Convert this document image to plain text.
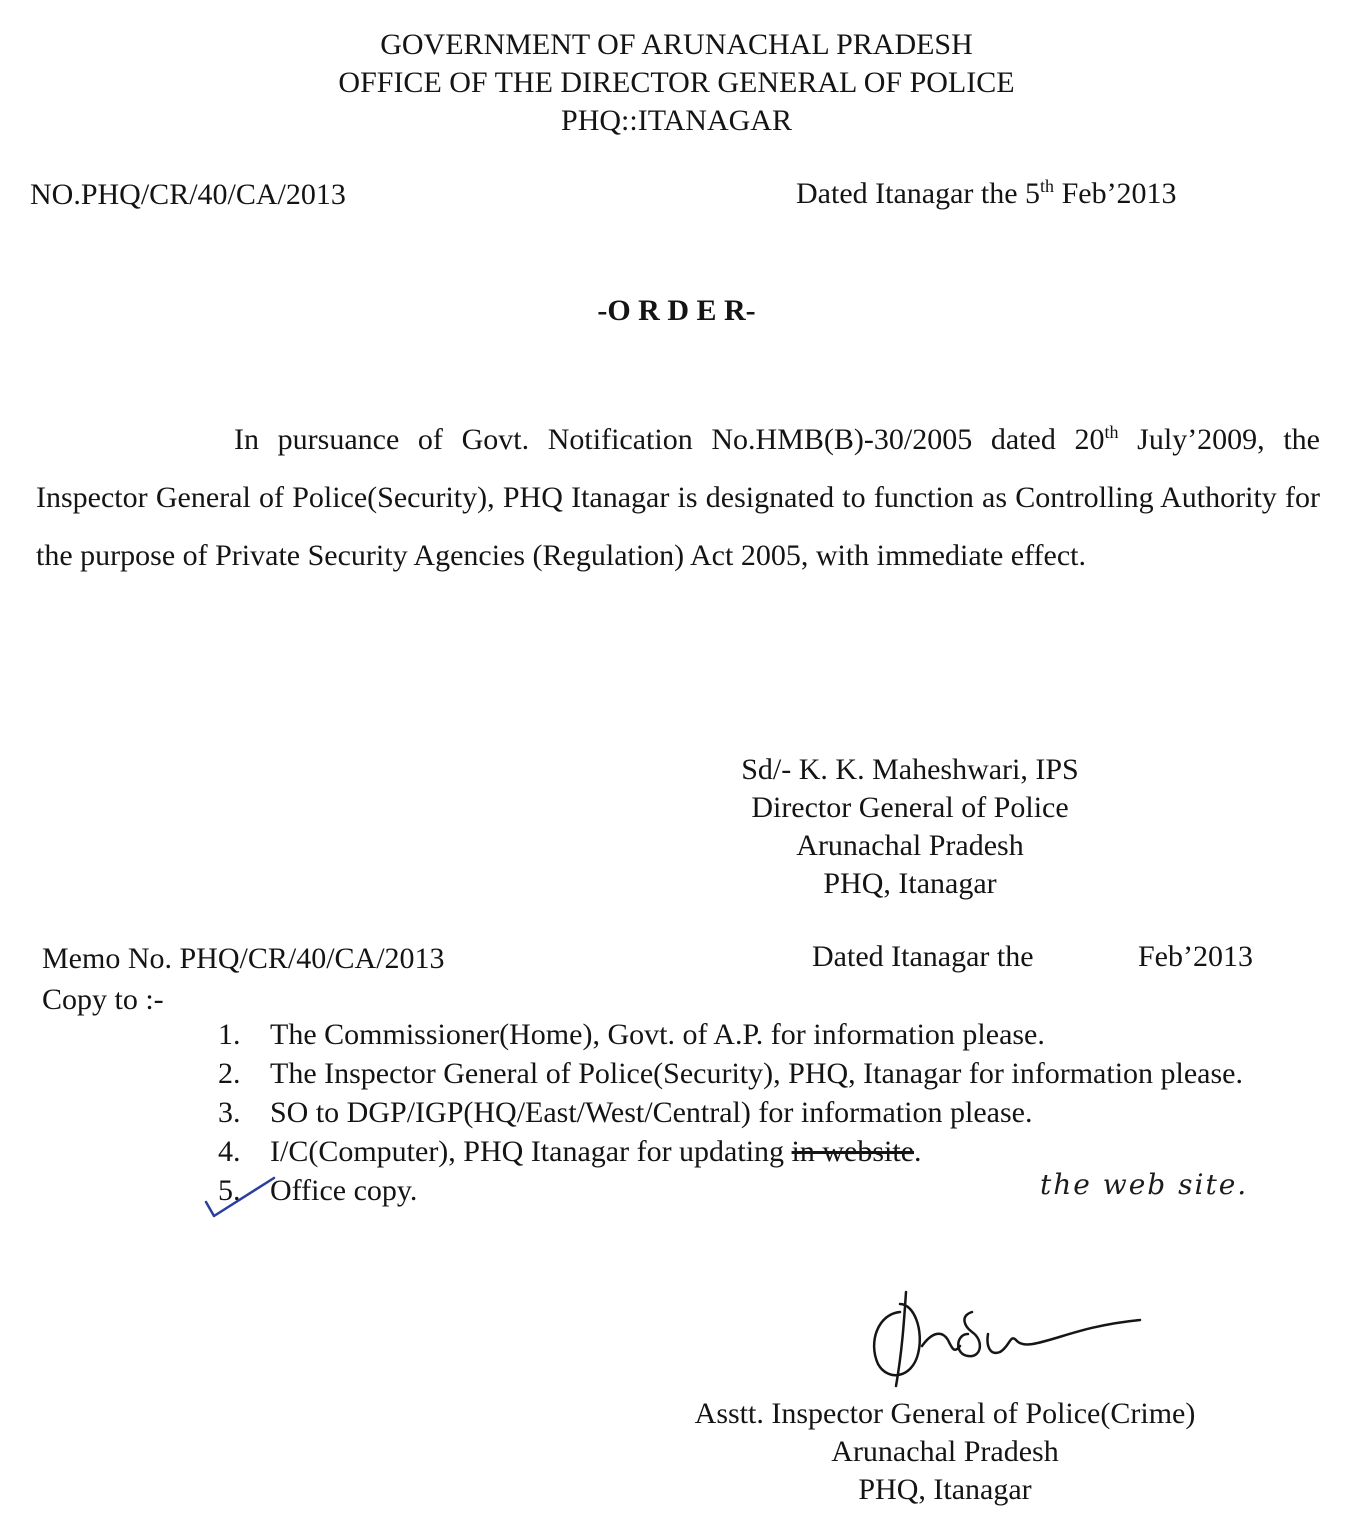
GOVERNMENT OF ARUNACHAL PRADESH
OFFICE OF THE DIRECTOR GENERAL OF POLICE
PHQ::ITANAGAR
NO.PHQ/CR/40/CA/2013	Dated Itanagar the 5th Feb’2013
-O R D E R-
In pursuance of Govt. Notification No.HMB(B)-30/2005 dated 20th July’2009, the Inspector General of Police(Security), PHQ Itanagar is designated to function as Controlling Authority for the purpose of Private Security Agencies (Regulation) Act 2005, with immediate effect.
Sd/- K. K. Maheshwari, IPS
Director General of Police
Arunachal Pradesh
PHQ, Itanagar
Memo No. PHQ/CR/40/CA/2013	Dated Itanagar the	Feb’2013
Copy to :-
1. The Commissioner(Home), Govt. of A.P. for information please.
2. The Inspector General of Police(Security), PHQ, Itanagar for information please.
3. SO to DGP/IGP(HQ/East/West/Central) for information please.
4. I/C(Computer), PHQ Itanagar for updating in website.
5. Office copy.	the web site.
Asstt. Inspector General of Police(Crime)
Arunachal Pradesh
PHQ, Itanagar
